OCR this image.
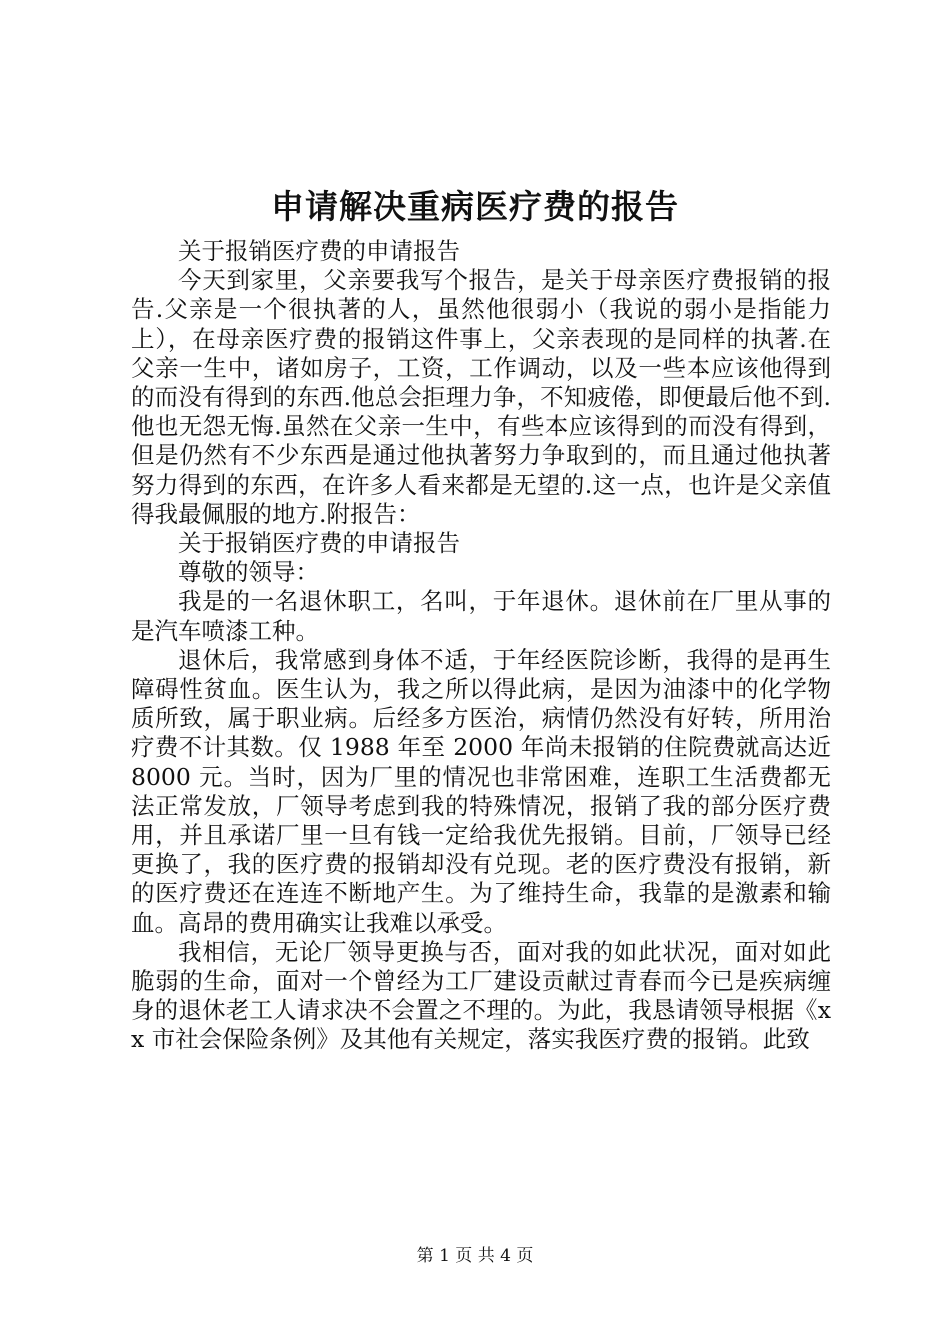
申请解决重病医疗费的报告

关于报销医疗费的申请报告

今天到家里，父亲要我写个报告，是关于母亲医疗费报销的报告.父亲是一个很执著的人，虽然他很弱小（我说的弱小是指能力上），在母亲医疗费的报销这件事上，父亲表现的是同样的执著.在父亲一生中，诸如房子，工资，工作调动，以及一些本应该他得到的而没有得到的东西.他总会拒理力争，不知疲倦，即便最后他不到.他也无怨无悔.虽然在父亲一生中，有些本应该得到的而没有得到，但是仍然有不少东西是通过他执著努力争取到的，而且通过他执著努力得到的东西，在许多人看来都是无望的.这一点，也许是父亲值得我最佩服的地方.附报告：

关于报销医疗费的申请报告

尊敬的领导：

我是的一名退休职工，名叫，于年退休。退休前在厂里从事的是汽车喷漆工种。

退休后，我常感到身体不适，于年经医院诊断，我得的是再生障碍性贫血。医生认为，我之所以得此病，是因为油漆中的化学物质所致，属于职业病。后经多方医治，病情仍然没有好转，所用治疗费不计其数。仅 1988 年至 2000 年尚未报销的住院费就高达近 8000 元。当时，因为厂里的情况也非常困难，连职工生活费都无法正常发放，厂领导考虑到我的特殊情况，报销了我的部分医疗费用，并且承诺厂里一旦有钱一定给我优先报销。目前，厂领导已经更换了，我的医疗费的报销却没有兑现。老的医疗费没有报销，新的医疗费还在连连不断地产生。为了维持生命，我靠的是激素和输血。高昂的费用确实让我难以承受。

我相信，无论厂领导更换与否，面对我的如此状况，面对如此脆弱的生命，面对一个曾经为工厂建设贡献过青春而今已是疾病缠身的退休老工人请求决不会置之不理的。为此，我恳请领导根据《xx 市社会保险条例》及其他有关规定，落实我医疗费的报销。此致

第 1 页 共 4 页
